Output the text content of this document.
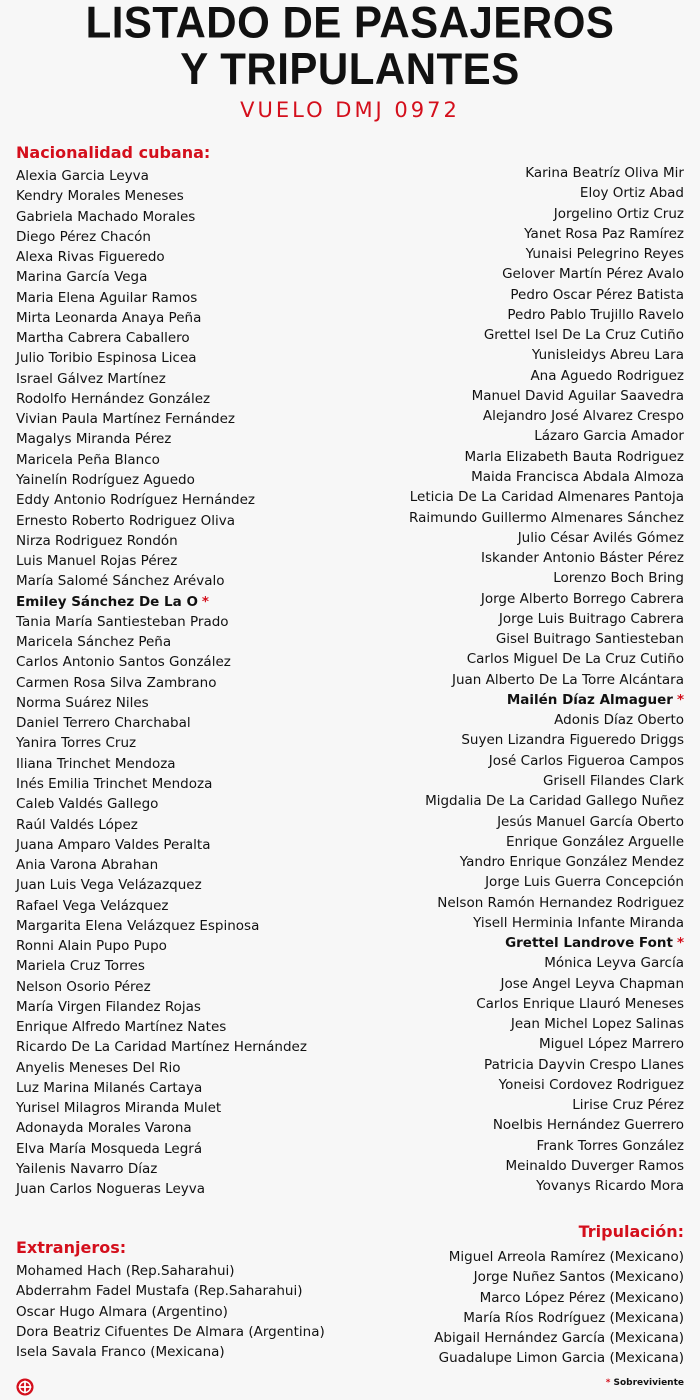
LISTADO DE PASAJEROS
Y TRIPULANTES
VUELO DMJ 0972
Nacionalidad cubana:
Alexia Garcia Leyva
Kendry Morales Meneses
Gabriela Machado Morales
Diego Pérez Chacón
Alexa Rivas Figueredo
Marina García Vega
Maria Elena Aguilar Ramos
Mirta Leonarda Anaya Peña
Martha Cabrera Caballero
Julio Toribio Espinosa Licea
Israel Gálvez Martínez
Rodolfo Hernández González
Vivian Paula Martínez Fernández
Magalys Miranda Pérez
Maricela Peña Blanco
Yainelín Rodríguez Aguedo
Eddy Antonio Rodríguez Hernández
Ernesto Roberto Rodriguez Oliva
Nirza Rodriguez Rondón
Luis Manuel Rojas Pérez
María Salomé Sánchez Arévalo
Emiley Sánchez De La O *
Tania María Santiesteban Prado
Maricela Sánchez Peña
Carlos Antonio Santos González
Carmen Rosa Silva Zambrano
Norma Suárez Niles
Daniel Terrero Charchabal
Yanira Torres Cruz
Iliana Trinchet Mendoza
Inés Emilia Trinchet Mendoza
Caleb Valdés Gallego
Raúl Valdés López
Juana Amparo Valdes Peralta
Ania Varona Abrahan
Juan Luis Vega Velázazquez
Rafael Vega Velázquez
Margarita Elena Velázquez Espinosa
Ronni Alain Pupo Pupo
Mariela Cruz Torres
Nelson Osorio Pérez
María Virgen Filandez Rojas
Enrique Alfredo Martínez Nates
Ricardo De La Caridad Martínez Hernández
Anyelis Meneses Del Rio
Luz Marina Milanés Cartaya
Yurisel Milagros Miranda Mulet
Adonayda Morales Varona
Elva María Mosqueda Legrá
Yailenis Navarro Díaz
Juan Carlos Nogueras Leyva
Karina Beatríz Oliva Mir
Eloy Ortiz Abad
Jorgelino Ortiz Cruz
Yanet Rosa Paz Ramírez
Yunaisi Pelegrino Reyes
Gelover Martín Pérez Avalo
Pedro Oscar Pérez Batista
Pedro Pablo Trujillo Ravelo
Grettel Isel De La Cruz Cutiño
Yunisleidys Abreu Lara
Ana Aguedo Rodriguez
Manuel David Aguilar Saavedra
Alejandro José Alvarez Crespo
Lázaro Garcia Amador
Marla Elizabeth Bauta Rodriguez
Maida Francisca Abdala Almoza
Leticia De La Caridad Almenares Pantoja
Raimundo Guillermo Almenares Sánchez
Julio César Avilés Gómez
Iskander Antonio Báster Pérez
Lorenzo Boch Bring
Jorge Alberto Borrego Cabrera
Jorge Luis Buitrago Cabrera
Gisel Buitrago Santiesteban
Carlos Miguel De La Cruz Cutiño
Juan Alberto De La Torre Alcántara
Mailén Díaz Almaguer *
Adonis Díaz Oberto
Suyen Lizandra Figueredo Driggs
José Carlos Figueroa Campos
Grisell Filandes Clark
Migdalia De La Caridad Gallego Nuñez
Jesús Manuel García Oberto
Enrique González Arguelle
Yandro Enrique González Mendez
Jorge Luis Guerra Concepción
Nelson Ramón Hernandez Rodriguez
Yisell Herminia Infante Miranda
Grettel Landrove Font *
Mónica Leyva García
Jose Angel Leyva Chapman
Carlos Enrique Llauró Meneses
Jean Michel Lopez Salinas
Miguel López Marrero
Patricia Dayvin Crespo Llanes
Yoneisi Cordovez Rodriguez
Lirise Cruz Pérez
Noelbis Hernández Guerrero
Frank Torres González
Meinaldo Duverger Ramos
Yovanys Ricardo Mora
Extranjeros:
Mohamed Hach (Rep.Saharahui)
Abderrahm Fadel Mustafa (Rep.Saharahui)
Oscar Hugo Almara (Argentino)
Dora Beatriz Cifuentes De Almara (Argentina)
Isela Savala Franco (Mexicana)
Tripulación:
Miguel Arreola Ramírez (Mexicano)
Jorge Nuñez Santos (Mexicano)
Marco López Pérez (Mexicano)
María Ríos Rodríguez (Mexicana)
Abigail Hernández García (Mexicana)
Guadalupe Limon Garcia (Mexicana)
* Sobreviviente
